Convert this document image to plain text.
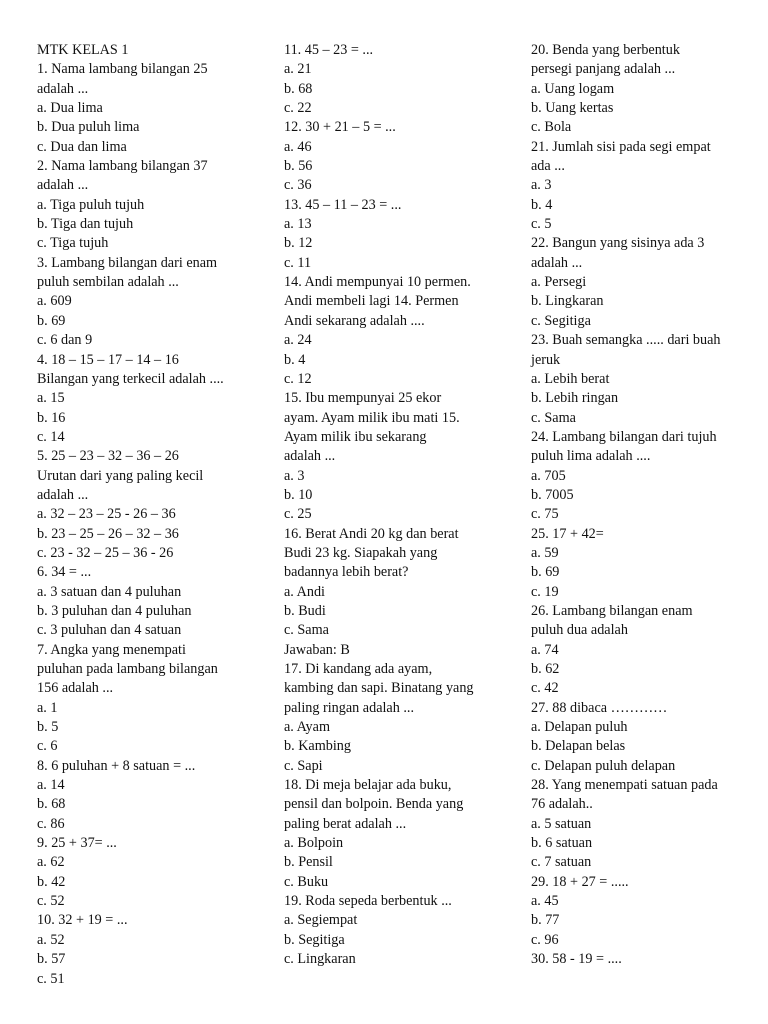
MTK KELAS 1
1. Nama lambang bilangan 25
adalah ...
a. Dua lima
b. Dua puluh lima
c. Dua dan lima
2. Nama lambang bilangan 37
adalah ...
a. Tiga puluh tujuh
b. Tiga dan tujuh
c. Tiga tujuh
3. Lambang bilangan dari enam
puluh sembilan adalah ...
a. 609
b. 69
c. 6 dan 9
4. 18 – 15 – 17 – 14 – 16
Bilangan yang terkecil adalah ....
a. 15
b. 16
c. 14
5. 25 – 23 – 32 – 36 – 26
Urutan dari yang paling kecil
adalah ...
a. 32 – 23 – 25 - 26 – 36
b. 23 – 25 – 26 – 32 – 36
c. 23 - 32 – 25 – 36 - 26
6. 34 = ...
a. 3 satuan dan 4 puluhan
b. 3 puluhan dan 4 puluhan
c. 3 puluhan dan 4 satuan
7. Angka yang menempati
puluhan pada lambang bilangan
156 adalah ...
a. 1
b. 5
c. 6
8. 6 puluhan + 8 satuan = ...
a. 14
b. 68
c. 86
9. 25 + 37= ...
a. 62
b. 42
c. 52
10. 32 + 19 = ...
a. 52
b. 57
c. 51
11. 45 – 23 = ...
a. 21
b. 68
c. 22
12. 30 + 21 – 5 = ...
a. 46
b. 56
c. 36
13. 45 – 11 – 23 = ...
a. 13
b. 12
c. 11
14. Andi mempunyai 10 permen.
Andi membeli lagi 14. Permen
Andi sekarang adalah ....
a. 24
b. 4
c. 12
15. Ibu mempunyai 25 ekor
ayam. Ayam milik ibu mati 15.
Ayam milik ibu sekarang
adalah ...
a. 3
b. 10
c. 25
16. Berat Andi 20 kg dan berat
Budi 23 kg. Siapakah yang
badannya lebih berat?
a. Andi
b. Budi
c. Sama
Jawaban: B
17. Di kandang ada ayam,
kambing dan sapi. Binatang yang
paling ringan adalah ...
a. Ayam
b. Kambing
c. Sapi
18. Di meja belajar ada buku,
pensil dan bolpoin. Benda yang
paling berat adalah ...
a. Bolpoin
b. Pensil
c. Buku
19. Roda sepeda berbentuk ...
a. Segiempat
b. Segitiga
c. Lingkaran
20. Benda yang berbentuk
persegi panjang adalah ...
a. Uang logam
b. Uang kertas
c. Bola
21. Jumlah sisi pada segi empat
ada ...
a. 3
b. 4
c. 5
22. Bangun yang sisinya ada 3
adalah ...
a. Persegi
b. Lingkaran
c. Segitiga
23. Buah semangka ..... dari buah
jeruk
a. Lebih berat
b. Lebih ringan
c. Sama
24. Lambang bilangan dari tujuh
puluh lima adalah ....
a. 705
b. 7005
c. 75
25. 17 + 42=
a. 59
b. 69
c. 19
26. Lambang bilangan enam
puluh dua adalah
a. 74
b. 62
c. 42
27. 88 dibaca …………
a. Delapan puluh
b. Delapan belas
c. Delapan puluh delapan
28. Yang menempati satuan pada
76 adalah..
a. 5 satuan
b. 6 satuan
c. 7 satuan
29. 18 + 27 = .....
a. 45
b. 77
c. 96
30. 58 - 19 = ....
